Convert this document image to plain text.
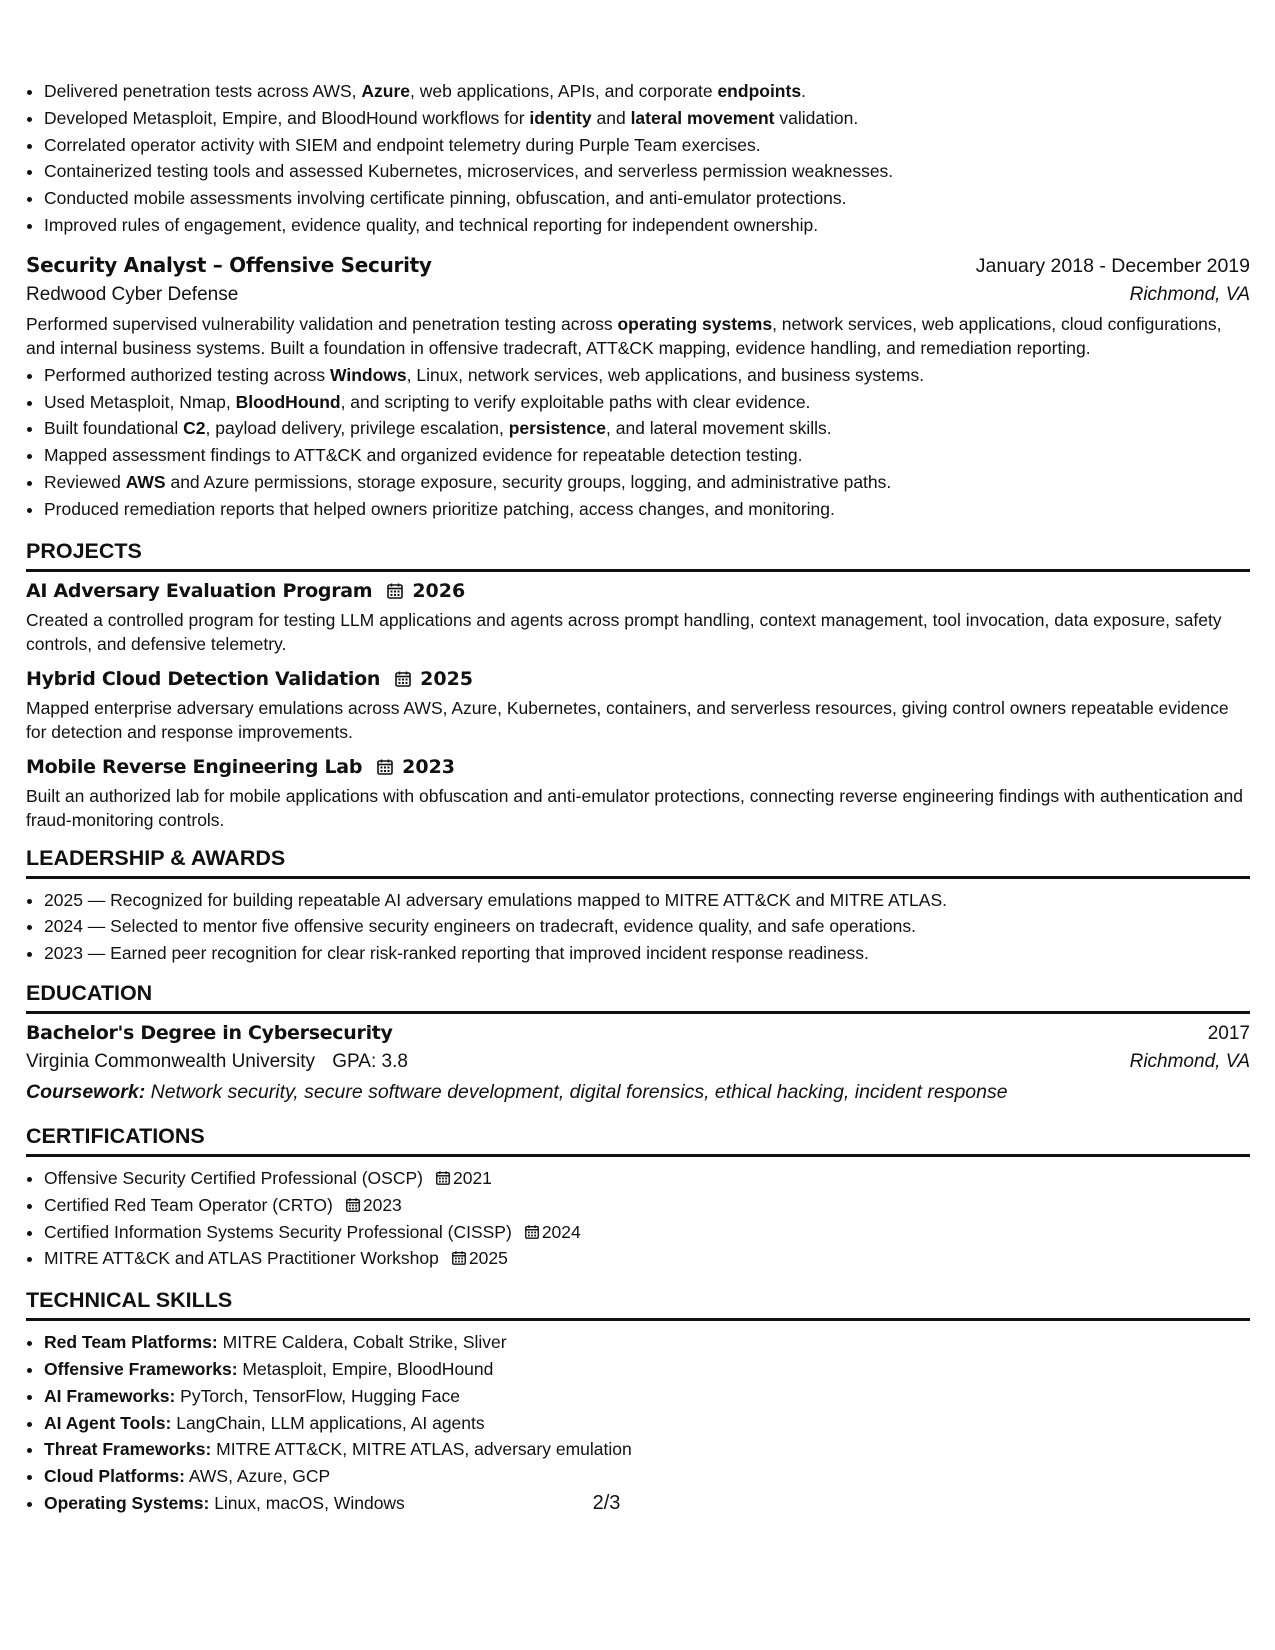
• Delivered penetration tests across AWS, Azure, web applications, APIs, and corporate endpoints.
• Developed Metasploit, Empire, and BloodHound workflows for identity and lateral movement validation.
• Correlated operator activity with SIEM and endpoint telemetry during Purple Team exercises.
• Containerized testing tools and assessed Kubernetes, microservices, and serverless permission weaknesses.
• Conducted mobile assessments involving certificate pinning, obfuscation, and anti-emulator protections.
• Improved rules of engagement, evidence quality, and technical reporting for independent ownership.
Security Analyst – Offensive Security	January 2018 - December 2019
Redwood Cyber Defense	Richmond, VA

Performed supervised vulnerability validation and penetration testing across operating systems, network services, web applications, cloud configurations, and internal business systems. Built a foundation in offensive tradecraft, ATT&CK mapping, evidence handling, and remediation reporting.

• Performed authorized testing across Windows, Linux, network services, web applications, and business systems.
• Used Metasploit, Nmap, BloodHound, and scripting to verify exploitable paths with clear evidence.
• Built foundational C2, payload delivery, privilege escalation, persistence, and lateral movement skills.
• Mapped assessment findings to ATT&CK and organized evidence for repeatable detection testing.
• Reviewed AWS and Azure permissions, storage exposure, security groups, logging, and administrative paths.
• Produced remediation reports that helped owners prioritize patching, access changes, and monitoring.
PROJECTS
AI Adversary Evaluation Program 2026

Created a controlled program for testing LLM applications and agents across prompt handling, context management, tool invocation, data exposure, safety controls, and defensive telemetry.

Hybrid Cloud Detection Validation 2025

Mapped enterprise adversary emulations across AWS, Azure, Kubernetes, containers, and serverless resources, giving control owners repeatable evidence for detection and response improvements.

Mobile Reverse Engineering Lab 2023

Built an authorized lab for mobile applications with obfuscation and anti-emulator protections, connecting reverse engineering findings with authentication and fraud-monitoring controls.

LEADERSHIP & AWARDS
• 2025 — Recognized for building repeatable AI adversary emulations mapped to MITRE ATT&CK and MITRE ATLAS.
• 2024 — Selected to mentor five offensive security engineers on tradecraft, evidence quality, and safe operations.
• 2023 — Earned peer recognition for clear risk-ranked reporting that improved incident response readiness.
EDUCATION
Bachelor's Degree in Cybersecurity	2017
Virginia Commonwealth University GPA: 3.8	Richmond, VA
Coursework: Network security, secure software development, digital forensics, ethical hacking, incident response
CERTIFICATIONS
• Offensive Security Certified Professional (OSCP) 2021
• Certified Red Team Operator (CRTO) 2023
• Certified Information Systems Security Professional (CISSP) 2024
• MITRE ATT&CK and ATLAS Practitioner Workshop 2025
TECHNICAL SKILLS
• Red Team Platforms: MITRE Caldera, Cobalt Strike, Sliver
• Offensive Frameworks: Metasploit, Empire, BloodHound
• AI Frameworks: PyTorch, TensorFlow, Hugging Face
• AI Agent Tools: LangChain, LLM applications, AI agents
• Threat Frameworks: MITRE ATT&CK, MITRE ATLAS, adversary emulation
• Cloud Platforms: AWS, Azure, GCP
• Operating Systems: Linux, macOS, Windows	2/3
